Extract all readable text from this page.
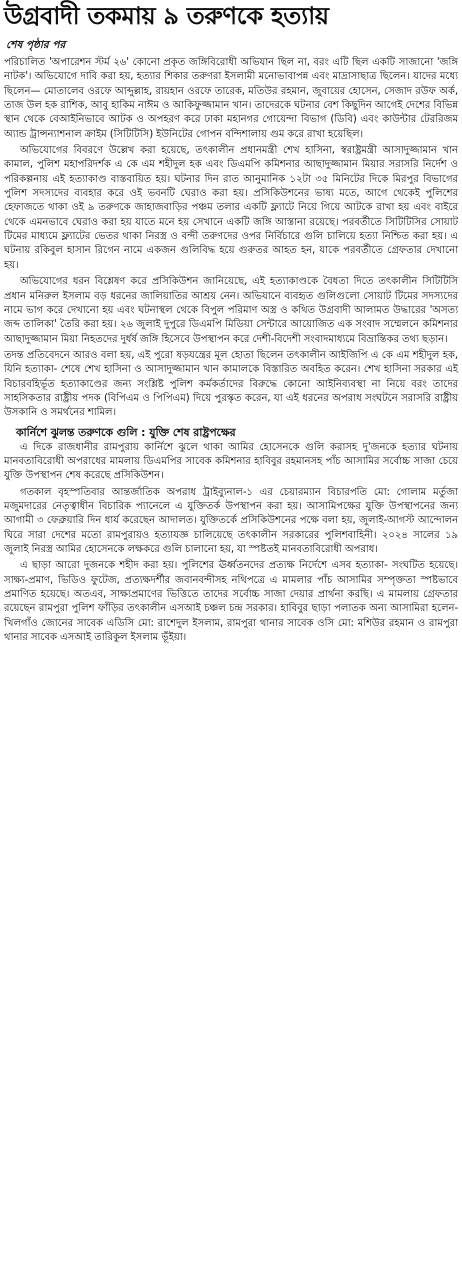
উগ্রবাদী তকমায় ৯ তরুণকে হত্যায়
শেষ পৃষ্ঠার পর

পরিচালিত 'অপারেশন স্টর্ম ২৬' কোনো প্রকৃত জঙ্গিবিরোধী অভিযান ছিল না, বরং এটি ছিল একটি সাজানো 'জঙ্গি নাটক'। অভিযোগে দাবি করা হয়, হত্যার শিকার তরুণরা ইসলামী মনোভাবাপন্ন এবং মাদ্রাসাছাত্র ছিলেন। যাদের মধ্যে ছিলেন— মোতালেব ওরফে আব্দুল্লাহ, রায়হান ওরফে তারেক, মতিউর রহমান, জুবায়ের হোসেন, সেজাদ রউফ অর্ক, তাজ উল হক রাশিক, আবু হাকিম নাঈম ও আকিফুজ্জামান খান। তাদেরকে ঘটনার বেশ কিছুদিন আগেই দেশের বিভিন্ন স্থান থেকে বেআইনিভাবে আটক ও অপহরণ করে ঢাকা মহানগর গোয়েন্দা বিভাগ (ডিবি) এবং কাউন্টার টেররিজম অ্যান্ড ট্রান্সন্যাশনাল ক্রাইম (সিটিটিসি) ইউনিটের গোপন বন্দিশালায় গুম করে রাখা হয়েছিল।

অভিযোগের বিবরণে উল্লেখ করা হয়েছে, তৎকালীন প্রধানমন্ত্রী শেখ হাসিনা, স্বরাষ্ট্রমন্ত্রী আসাদুজ্জামান খান কামাল, পুলিশ মহাপরিদর্শক এ কে এম শহীদুল হক এবং ডিএমপি কমিশনার আছাদুজ্জামান মিয়ার সরাসরি নির্দেশ ও পরিকল্পনায় এই হত্যাকাণ্ড বাস্তবায়িত হয়। ঘটনার দিন রাত আনুমানিক ১২টা ৩৫ মিনিটের দিকে মিরপুর বিভাগের পুলিশ সদস্যদের ব্যবহার করে ওই ভবনটি ঘেরাও করা হয়। প্রসিকিউশনের ভাষ্য মতে, আগে থেকেই পুলিশের হেফাজতে থাকা ওই ৯ তরুণকে জাহাজবাড়ির পঞ্চম তলার একটি ফ্ল্যাটে নিয়ে গিয়ে আটকে রাখা হয় এবং বাইরে থেকে এমনভাবে ঘেরাও করা হয় যাতে মনে হয় সেখানে একটি জঙ্গি আস্তানা রয়েছে। পরবর্তীতে সিটিটিসির সোয়াট টিমের মাধ্যমে ফ্ল্যাটের ভেতর থাকা নিরস্ত্র ও বন্দী তরুণদের ওপর নির্বিচারে গুলি চালিয়ে হত্যা নিশ্চিত করা হয়। এ ঘটনায় রকিবুল হাসান রিগেন নামে একজন গুলিবিদ্ধ হয়ে গুরুতর আহত হন, যাকে পরবর্তীতে গ্রেফতার দেখানো হয়।

অভিযোগের ধরন বিশ্লেষণ করে প্রসিকিউশন জানিয়েছে, এই হত্যাকাণ্ডকে বৈধতা দিতে তৎকালীন সিটিটিসি প্রধান মনিরুল ইসলাম বড় ধরনের জালিয়াতির আশ্রয় নেন। অভিযানে ব্যবহৃত গুলিগুলো সোয়াট টিমের সদস্যদের নামে ভাগ করে দেখানো হয় এবং ঘটনাস্থল থেকে বিপুল পরিমাণ অস্ত্র ও কথিত উগ্রবাদী আলামত উদ্ধারের 'অসত্য জব্দ তালিকা' তৈরি করা হয়। ২৬ জুলাই দুপুরে ডিএমপি মিডিয়া সেন্টারে আয়োজিত এক সংবাদ সম্মেলনে কমিশনার আছাদুজ্জামান মিয়া নিহতদের দুর্ধর্ষ জঙ্গি হিসেবে উপস্থাপন করে দেশী-বিদেশী সংবাদমাধ্যমে বিভ্রান্তিকর তথ্য ছড়ান।

তদন্ত প্রতিবেদনে আরও বলা হয়, এই পুরো ষড়যন্ত্রের মূল হোতা ছিলেন তৎকালীন আইজিপি এ কে এম শহীদুল হক, যিনি হত্যাকা- শেষে শেখ হাসিনা ও আসাদুজ্জামান খান কামালকে বিস্তারিত অবহিত করেন। শেখ হাসিনা সরকার এই বিচারবহির্ভূত হত্যাকাণ্ডের জন্য সংশ্লিষ্ট পুলিশ কর্মকর্তাদের বিরুদ্ধে কোনো আইনিব্যবস্থা না নিয়ে বরং তাদের সাহসিকতার রাষ্ট্রীয় পদক (বিপিএম ও পিপিএম) দিয়ে পুরস্কৃত করেন, যা এই ধরনের অপরাধ সংঘটনে সরাসরি রাষ্ট্রীয় উসকানি ও সমর্থনের শামিল।

কার্নিশে ঝুলন্ত তরুণকে গুলি : যুক্তি শেষ রাষ্ট্রপক্ষের

এ দিকে রাজধানীর রামপুরায় কার্নিশে ঝুলে থাকা আমির হোসেনকে গুলি করাসহ দু'জনকে হত্যার ঘটনায় মানবতাবিরোধী অপরাধের মামলায় ডিএমপির সাবেক কমিশনার হাবিবুর রহমানসহ পাঁচ আসামির সর্বোচ্চ সাজা চেয়ে যুক্তি উপস্থাপন শেষ করেছে প্রসিকিউশন।

গতকাল বৃহস্পতিবার আন্তর্জাতিক অপরাধ ট্রাইব্যুনাল-১ এর চেয়ারম্যান বিচারপতি মো: গোলাম মর্তুজা মজুমদারের নেতৃত্বাধীন বিচারিক প্যানেলে এ যুক্তিতর্ক উপস্থাপন করা হয়। আসামিপক্ষের যুক্তি উপস্থাপনের জন্য আগামী ৩ ফেব্রুয়ারি দিন ধার্য করেছেন আদালত। যুক্তিতর্কে প্রসিকিউশনের পক্ষে বলা হয়, জুলাই-আগস্ট আন্দোলন ঘিরে সারা দেশের মতো রামপুরায়ও হত্যাযজ্ঞ চালিয়েছে তৎকালীন সরকারের পুলিশবাহিনী। ২০২৪ সালের ১৯ জুলাই নিরস্ত্র আমির হোসেনকে লক্ষকরে গুলি চালানো হয়, যা স্পষ্টতই মানবতাবিরোধী অপরাধ।

এ ছাড়া আরো দুজনকে শহীদ করা হয়। পুলিশের ঊর্ধ্বতনদের প্রত্যক্ষ নির্দেশে এসব হত্যাকা- সংঘটিত হয়েছে। সাক্ষ্য-প্রমাণ, ভিডিও ফুটেজ, প্রত্যক্ষদর্শীর জবানবন্দীসহ নথিপত্রে এ মামলার পাঁচ আসামির সম্পৃক্ততা স্পষ্টভাবে প্রমাণিত হয়েছে। অতএব, সাক্ষ্যপ্রমাণের ভিত্তিতে তাদের সর্বোচ্চ সাজা দেয়ার প্রার্থনা করছি। এ মামলায় গ্রেফতার রয়েছেন রামপুরা পুলিশ ফাঁড়ির তৎকালীন এসআই চঞ্চল চন্দ্র সরকার। হাবিবুর ছাড়া পলাতক অন্য আসামিরা হলেন- খিলগাঁও জোনের সাবেক এডিসি মো: রাশেদুল ইসলাম, রামপুরা থানার সাবেক ওসি মো: মশিউর রহমান ও রামপুরা থানার সাবেক এসআই তারিকুল ইসলাম ভূঁইয়া।
